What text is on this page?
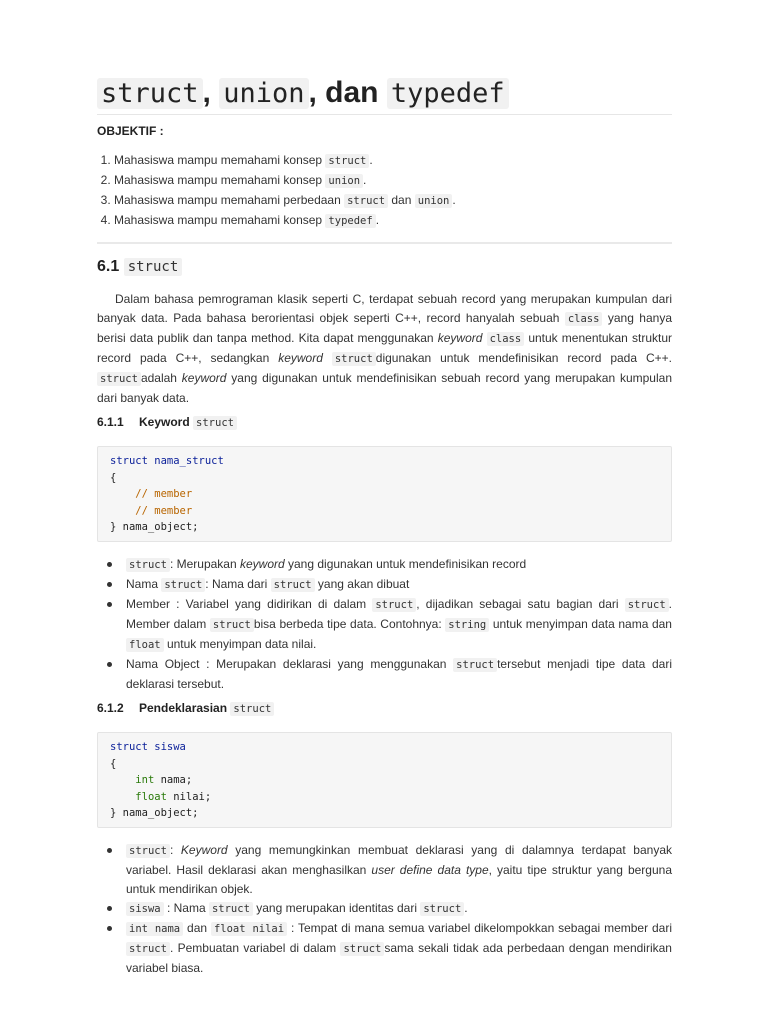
struct , union , dan typedef
OBJEKTIF :
1. Mahasiswa mampu memahami konsep struct .
2. Mahasiswa mampu memahami konsep union .
3. Mahasiswa mampu memahami perbedaan struct dan union .
4. Mahasiswa mampu memahami konsep typedef .
6.1 struct

Dalam bahasa pemrograman klasik seperti C, terdapat sebuah record yang merupakan kumpulan dari banyak data. Pada bahasa berorientasi objek seperti C++, record hanyalah sebuah class yang hanya berisi data publik dan tanpa method. Kita dapat menggunakan keyword class untuk menentukan struktur record pada C++, sedangkan keyword struct digunakan untuk mendefinisikan record pada C++. struct adalah keyword yang digunakan untuk mendefinisikan sebuah record yang merupakan kumpulan dari banyak data.

6.1.1 Keyword struct
struct nama_struct
{
// member
// member
} nama_object;
struct : Merupakan keyword yang digunakan untuk mendefinisikan record
Nama struct : Nama dari struct yang akan dibuat
Member : Variabel yang didirikan di dalam struct , dijadikan sebagai satu bagian dari struct . Member dalam struct bisa berbeda tipe data. Contohnya: string untuk menyimpan data nama dan float untuk menyimpan data nilai.
Nama Object : Merupakan deklarasi yang menggunakan struct tersebut menjadi tipe data dari deklarasi tersebut.
6.1.2 Pendeklarasian struct
struct siswa
{
int nama;
float nilai;
} nama_object;
struct : Keyword yang memungkinkan membuat deklarasi yang di dalamnya terdapat banyak variabel. Hasil deklarasi akan menghasilkan user define data type, yaitu tipe struktur yang berguna untuk mendirikan objek.
siswa : Nama struct yang merupakan identitas dari struct .
int nama dan float nilai : Tempat di mana semua variabel dikelompokkan sebagai member dari struct . Pembuatan variabel di dalam struct sama sekali tidak ada perbedaan dengan mendirikan variabel biasa.
